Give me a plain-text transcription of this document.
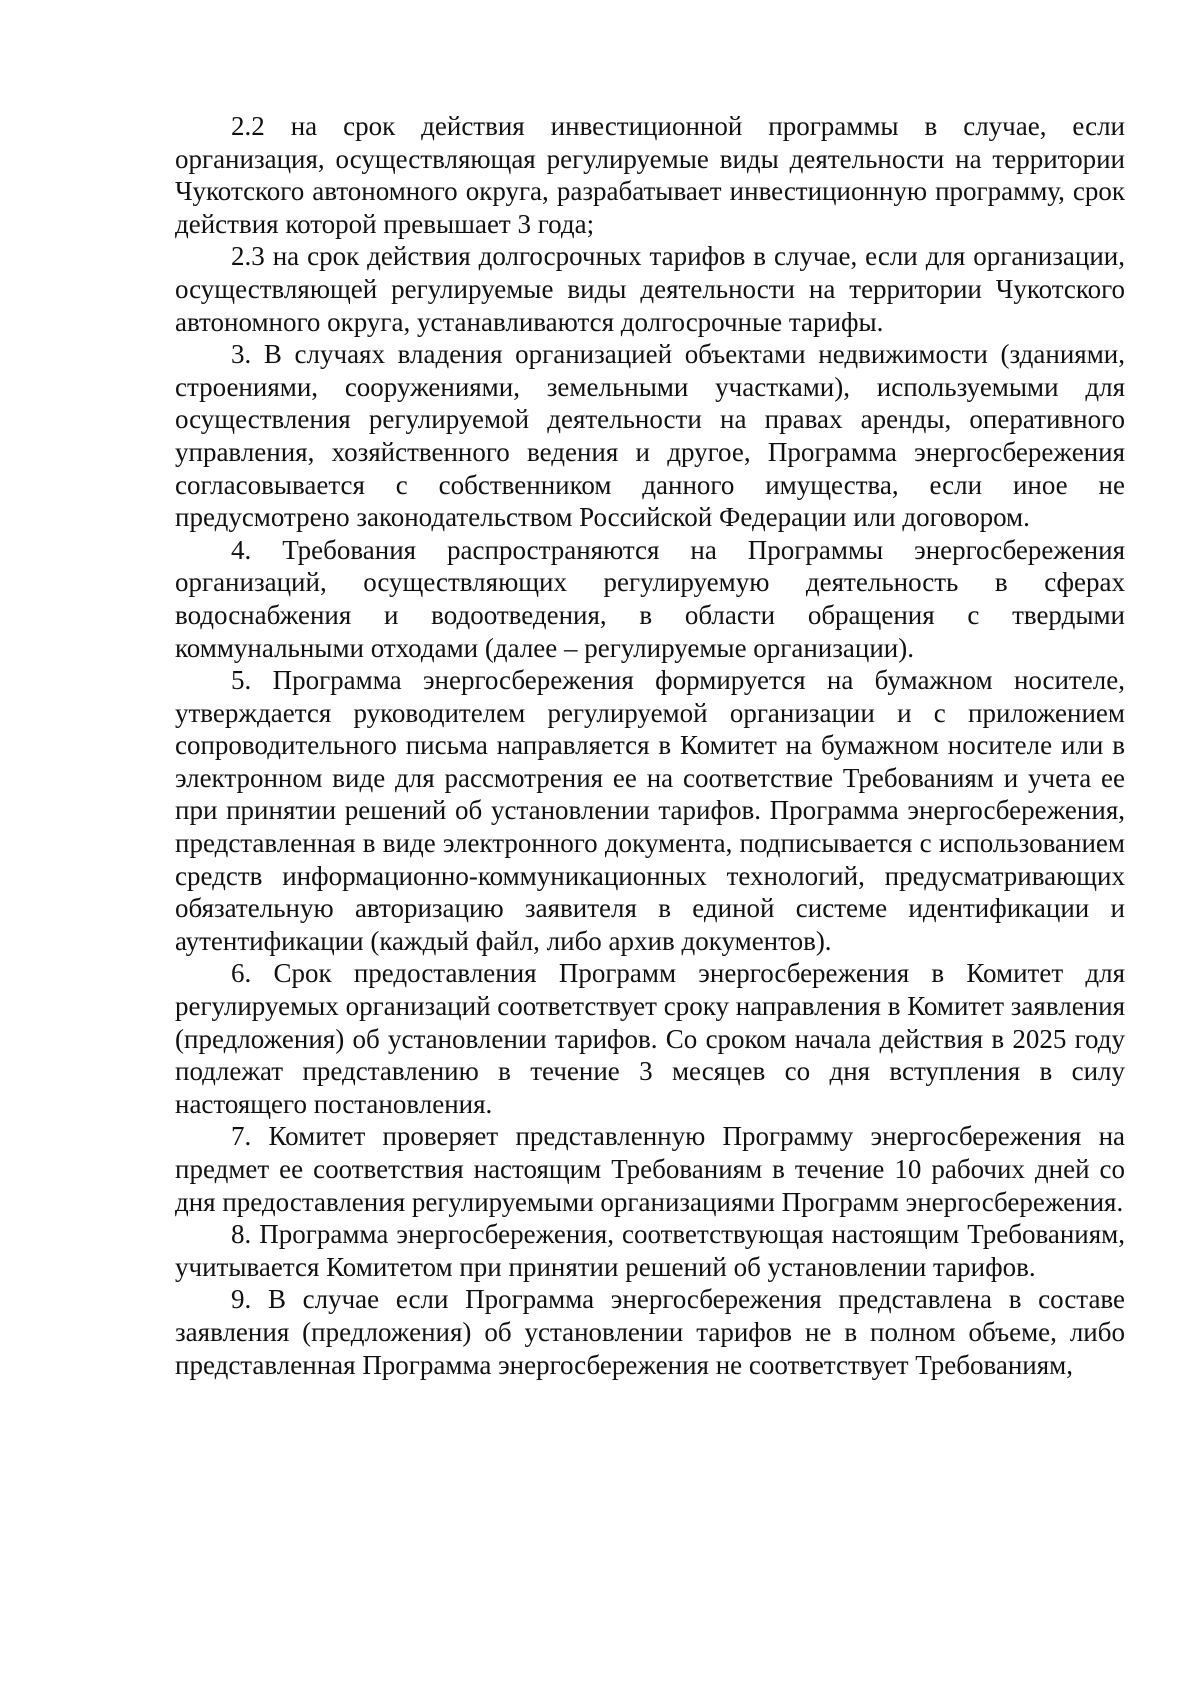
2.2 на срок действия инвестиционной программы в случае, если организация, осуществляющая регулируемые виды деятельности на территории Чукотского автономного округа, разрабатывает инвестиционную программу, срок действия которой превышает 3 года;

2.3 на срок действия долгосрочных тарифов в случае, если для организации, осуществляющей регулируемые виды деятельности на территории Чукотского автономного округа, устанавливаются долгосрочные тарифы.

3. В случаях владения организацией объектами недвижимости (зданиями, строениями, сооружениями, земельными участками), используемыми для осуществления регулируемой деятельности на правах аренды, оперативного управления, хозяйственного ведения и другое, Программа энергосбережения согласовывается с собственником данного имущества, если иное не предусмотрено законодательством Российской Федерации или договором.

4. Требования распространяются на Программы энергосбережения организаций, осуществляющих регулируемую деятельность в сферах водоснабжения и водоотведения, в области обращения с твердыми коммунальными отходами (далее – регулируемые организации).

5. Программа энергосбережения формируется на бумажном носителе, утверждается руководителем регулируемой организации и с приложением сопроводительного письма направляется в Комитет на бумажном носителе или в электронном виде для рассмотрения ее на соответствие Требованиям и учета ее при принятии решений об установлении тарифов. Программа энергосбережения, представленная в виде электронного документа, подписывается с использованием средств информационно-коммуникационных технологий, предусматривающих обязательную авторизацию заявителя в единой системе идентификации и аутентификации (каждый файл, либо архив документов).

6. Срок предоставления Программ энергосбережения в Комитет для регулируемых организаций соответствует сроку направления в Комитет заявления (предложения) об установлении тарифов. Со сроком начала действия в 2025 году подлежат представлению в течение 3 месяцев со дня вступления в силу настоящего постановления.

7. Комитет проверяет представленную Программу энергосбережения на предмет ее соответствия настоящим Требованиям в течение 10 рабочих дней со дня предоставления регулируемыми организациями Программ энергосбережения.

8. Программа энергосбережения, соответствующая настоящим Требованиям, учитывается Комитетом при принятии решений об установлении тарифов.

9. В случае если Программа энергосбережения представлена в составе заявления (предложения) об установлении тарифов не в полном объеме, либо представленная Программа энергосбережения не соответствует Требованиям,
